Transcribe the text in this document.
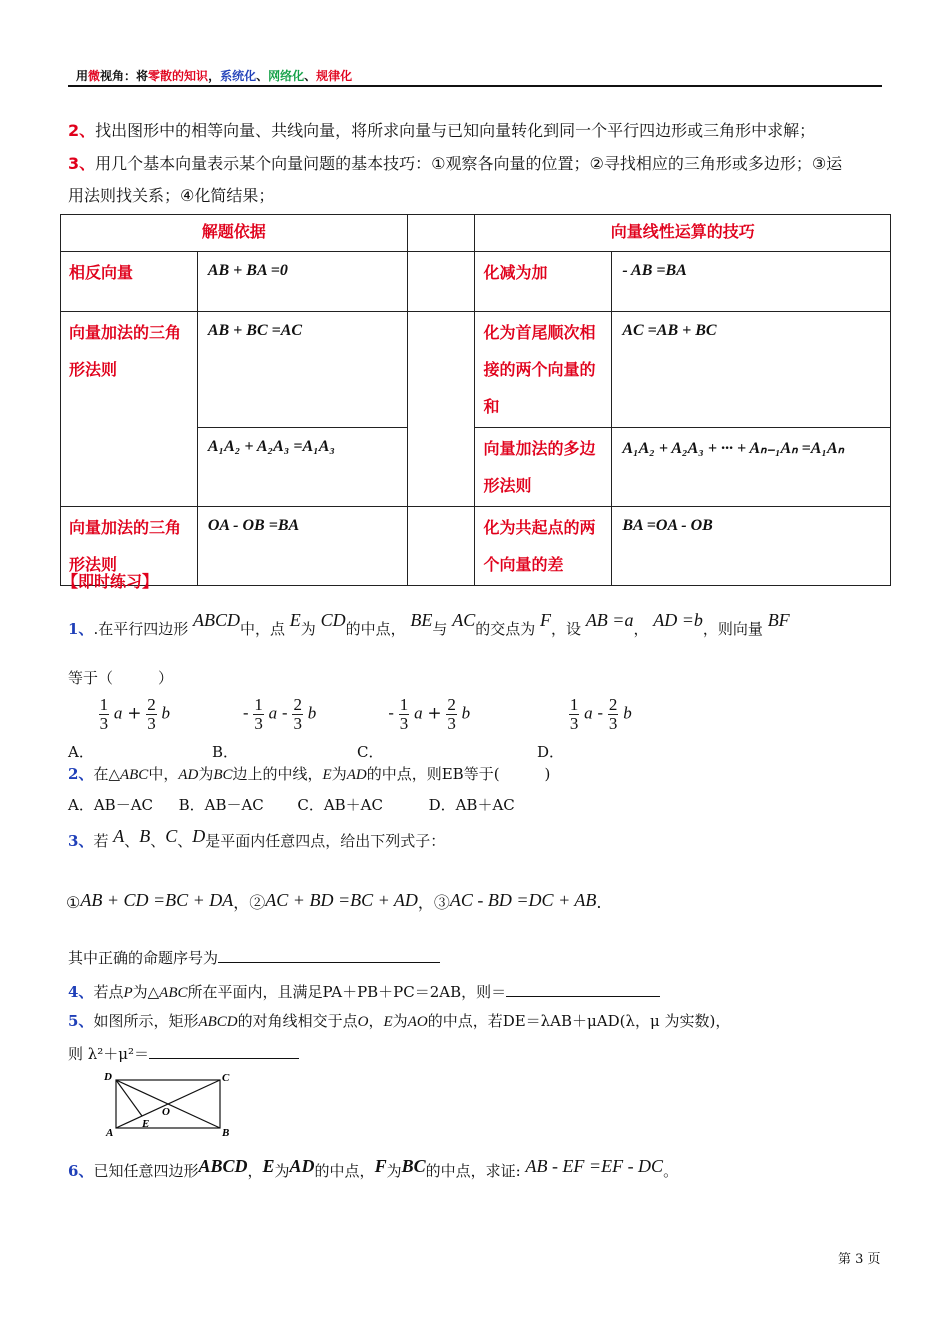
用微视角：将零散的知识，系统化、网络化、规律化
2、找出图形中的相等向量、共线向量，将所求向量与已知向量转化到同一个平行四边形或三角形中求解；
3、用几个基本向量表示某个向量问题的基本技巧：①观察各向量的位置；②寻找相应的三角形或多边形；③运
用法则找关系；④化简结果；
解题依据			向量线性运算的技巧	
相反向量	AB + BA =0		化减为加	- AB =BA
向量加法的三角形法则	AB + BC =AC		化为首尾顺次相接的两个向量的和	AC =AB + BC
	A₁A₂ + A₂A₃ =A₁A₃		向量加法的多边形法则	A₁A₂ + A₂A₃ + ··· + Aₙ₋₁Aₙ =A₁Aₙ
向量加法的三角形法则	OA - OB =BA		化为共起点的两个向量的差	BA =OA - OB
【即时练习】
1、.在平行四边形 ABCD中，点 E为 CD的中点， BE与 AC的交点为 F，设 AB =a， AD =b，则向量 BF
等于（　　　）
A．
$\frac{1}{3}$ $a + \frac{2}{3}$ b
B． - $\frac{1}{3}$ a - $\frac{2}{3}$ b
C． - $\frac{1}{3}$ $a + \frac{2}{3}$ b
D．
$\frac{1}{3}$ a - $\frac{2}{3}$ b
2、在△ABC中，AD为BC边上的中线，E为AD的中点，则EB等于(　　　)
A．AB－AC B．AB－AC C．AB＋AC	D．AB＋AC
3、若 A、B、C、D是平面内任意四点，给出下列式子：
①AB + CD =BC + DA，②AC + BD =BC + AD，③AC - BD =DC + AB.
其中正确的命题序号为
4、若点P为△ABC所在平面内，且满足PA＋PB＋PC＝2AB，则＝
5、如图所示，矩形ABCD的对角线相交于点O，E为AO的中点，若DE＝λAB＋μAD(λ，μ 为实数)，
则 λ²＋μ²＝
D	C
O
E
A	B
6、已知任意四边形ABCD，E为AD的中点，F为BC的中点，求证: AB - EF =EF - DC。
第 3 页
